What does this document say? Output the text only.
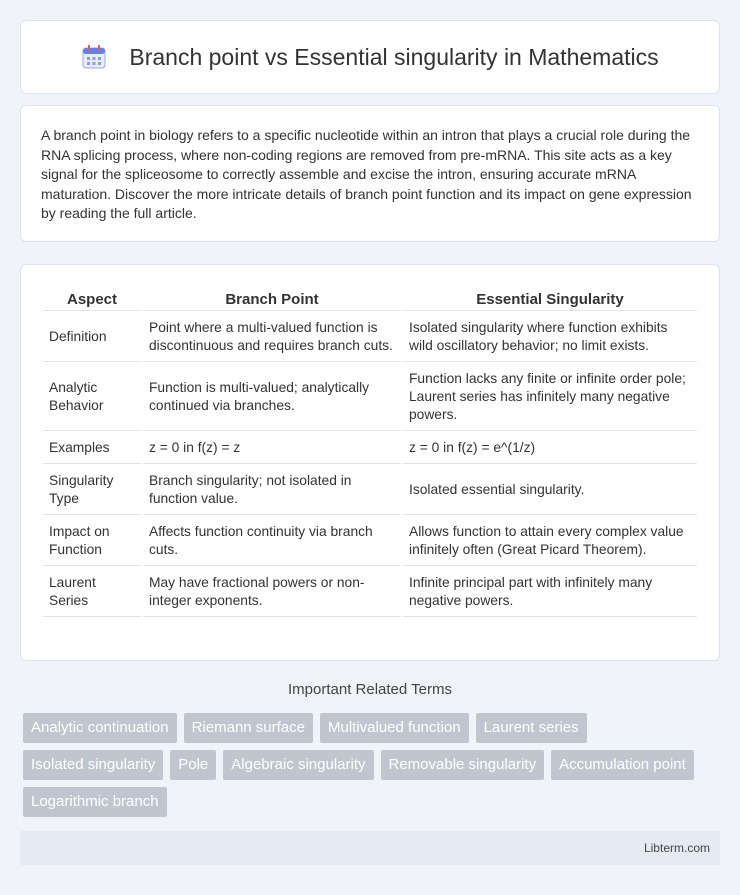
Branch point vs Essential singularity in Mathematics

A branch point in biology refers to a specific nucleotide within an intron that plays a crucial role during the RNA splicing process, where non-coding regions are removed from pre-mRNA. This site acts as a key signal for the spliceosome to correctly assemble and excise the intron, ensuring accurate mRNA maturation. Discover the more intricate details of branch point function and its impact on gene expression by reading the full article.

Aspect	Branch Point	Essential Singularity
Definition	Point where a multi-valued function is discontinuous and requires branch cuts.	Isolated singularity where function exhibits wild oscillatory behavior; no limit exists.
Analytic Behavior	Function is multi-valued; analytically continued via branches.	Function lacks any finite or infinite order pole; Laurent series has infinitely many negative powers.
Examples	z = 0 in f(z) = z	z = 0 in f(z) = e^(1/z)
Singularity Type	Branch singularity; not isolated in function value.	Isolated essential singularity.
Impact on Function	Affects function continuity via branch cuts.	Allows function to attain every complex value infinitely often (Great Picard Theorem).
Laurent Series	May have fractional powers or non-integer exponents.	Infinite principal part with infinitely many negative powers.
Important Related Terms
Analytic continuation	Riemann surface	Multivalued function	Laurent series
Isolated singularity	Pole	Algebraic singularity	Removable singularity	Accumulation point
Logarithmic branch
Libterm.com
